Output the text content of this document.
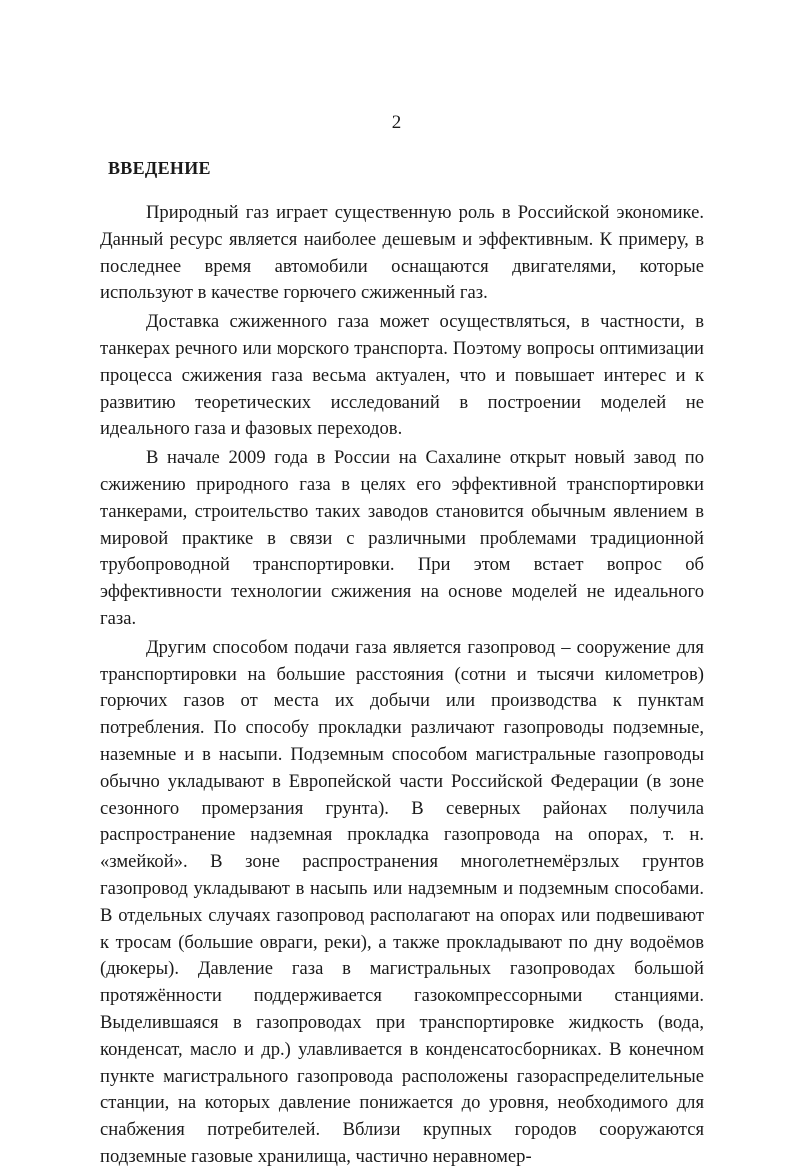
2
ВВЕДЕНИЕ

Природный газ играет существенную роль в Российской экономике. Данный ресурс является наиболее дешевым и эффективным. К примеру, в последнее время автомобили оснащаются двигателями, которые используют в качестве горючего сжиженный газ.

Доставка сжиженного газа может осуществляться, в частности, в танкерах речного или морского транспорта. Поэтому вопросы оптимизации процесса сжижения газа весьма актуален, что и повышает интерес и к развитию теоретических исследований в построении моделей не идеального газа и фазовых переходов.

В начале 2009 года в России на Сахалине открыт новый завод по сжижению природного газа в целях его эффективной транспортировки танкерами, строительство таких заводов становится обычным явлением в мировой практике в связи с различными проблемами традиционной трубопроводной транспортировки. При этом встает вопрос об эффективности технологии сжижения на основе моделей не идеального газа.

Другим способом подачи газа является газопровод – сооружение для транспортировки на большие расстояния (сотни и тысячи километров) горючих газов от места их добычи или производства к пунктам потребления. По способу прокладки различают газопроводы подземные, наземные и в насыпи. Подземным способом магистральные газопроводы обычно укладывают в Европейской части Российской Федерации (в зоне сезонного промерзания грунта). В северных районах получила распространение надземная прокладка газопровода на опорах, т. н. «змейкой». В зоне распространения многолетнемёрзлых грунтов газопровод укладывают в насыпь или надземным и подземным способами. В отдельных случаях газопровод располагают на опорах или подвешивают к тросам (большие овраги, реки), а также прокладывают по дну водоёмов (дюкеры). Давление газа в магистральных газопроводах большой протяжённости поддерживается газокомпрессорными станциями. Выделившаяся в газопроводах при транспортировке жидкость (вода, конденсат, масло и др.) улавливается в конденсатосборниках. В конечном пункте магистрального газопровода расположены газораспределительные станции, на которых давление понижается до уровня, необходимого для снабжения потребителей. Вблизи крупных городов сооружаются подземные газовые хранилища, частично неравномер-
